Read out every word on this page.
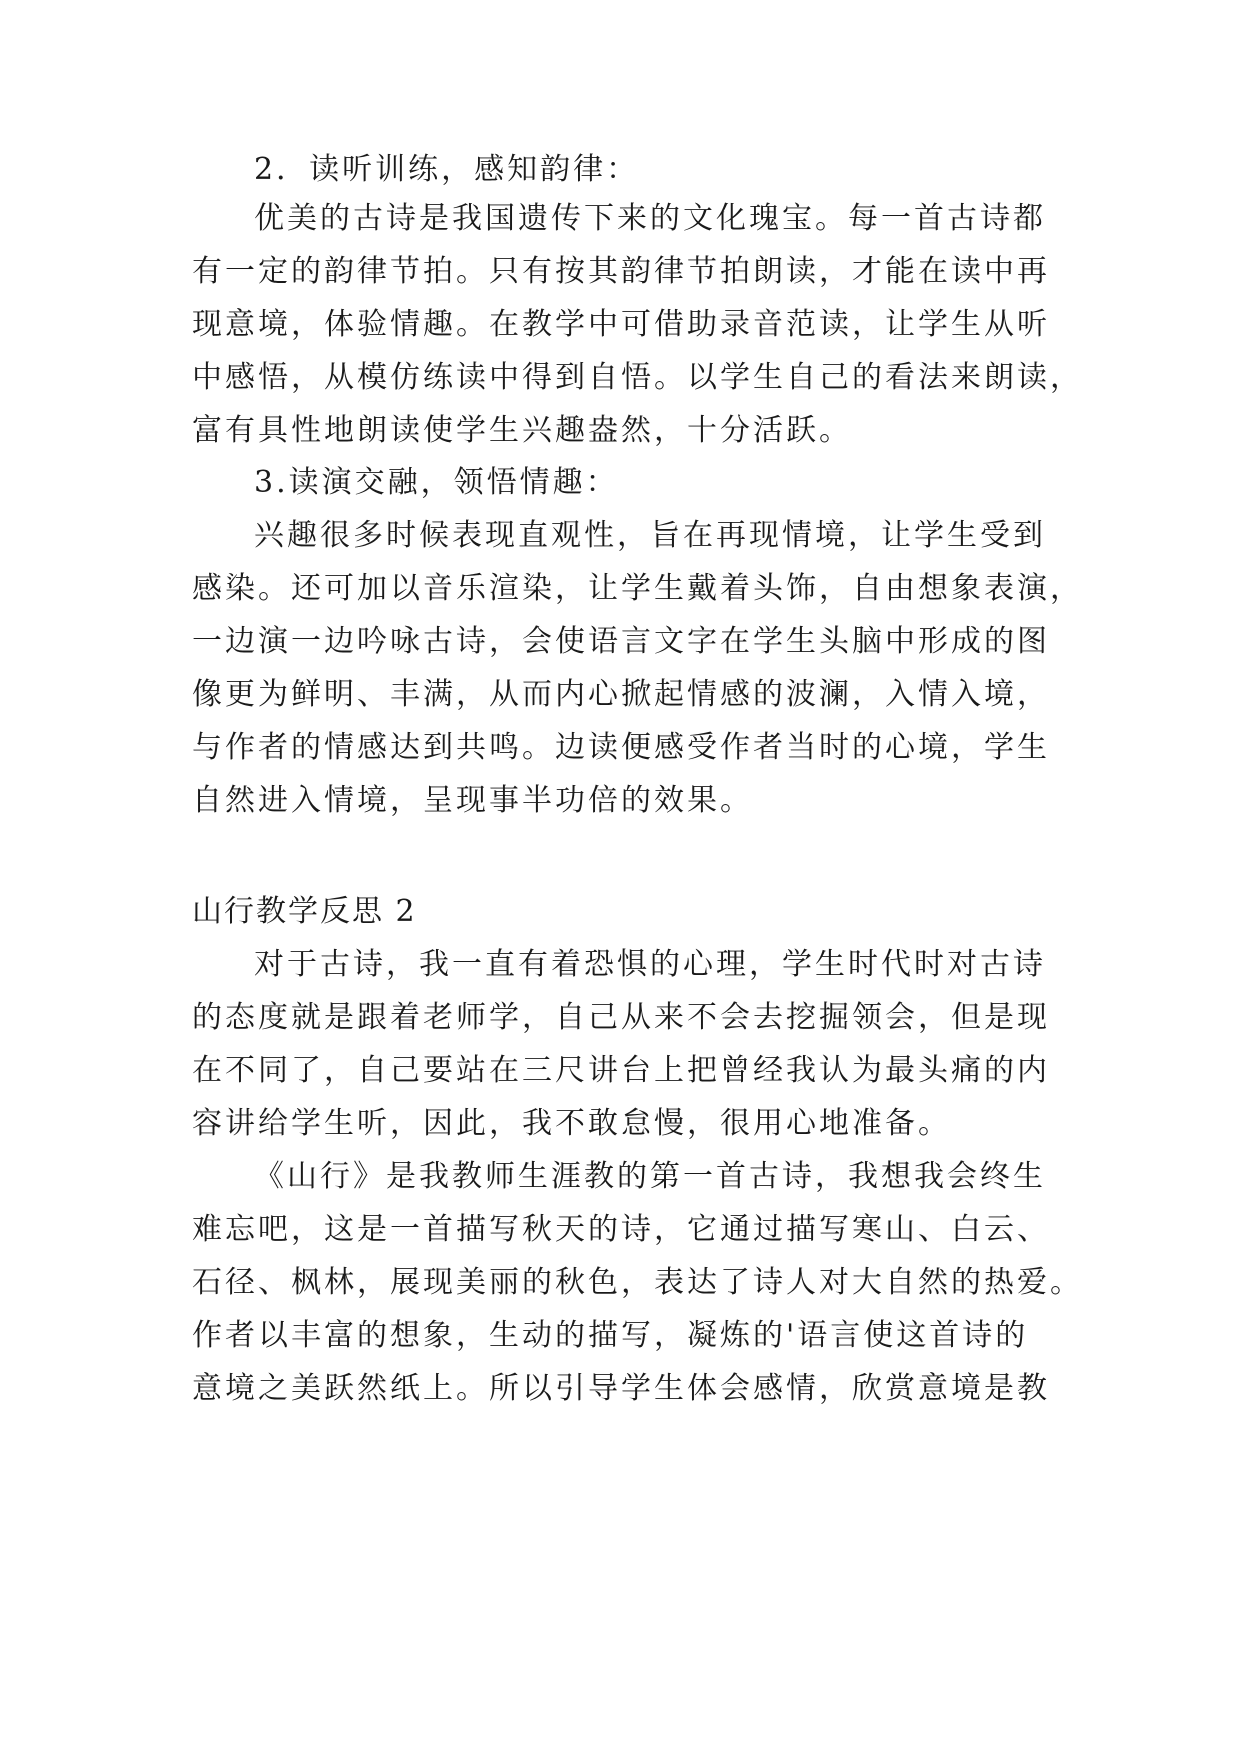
2．读听训练，感知韵律：
优美的古诗是我国遗传下来的文化瑰宝。每一首古诗都
有一定的韵律节拍。只有按其韵律节拍朗读，才能在读中再
现意境，体验情趣。在教学中可借助录音范读，让学生从听
中感悟，从模仿练读中得到自悟。以学生自己的看法来朗读，
富有具性地朗读使学生兴趣盎然，十分活跃。
3.读演交融，领悟情趣：
兴趣很多时候表现直观性，旨在再现情境，让学生受到
感染。还可加以音乐渲染，让学生戴着头饰，自由想象表演，
一边演一边吟咏古诗，会使语言文字在学生头脑中形成的图
像更为鲜明、丰满，从而内心掀起情感的波澜，入情入境，
与作者的情感达到共鸣。边读便感受作者当时的心境，学生
自然进入情境，呈现事半功倍的效果。
山行教学反思 2
对于古诗，我一直有着恐惧的心理，学生时代时对古诗
的态度就是跟着老师学，自己从来不会去挖掘领会，但是现
在不同了，自己要站在三尺讲台上把曾经我认为最头痛的内
容讲给学生听，因此，我不敢怠慢，很用心地准备。
《山行》是我教师生涯教的第一首古诗，我想我会终生
难忘吧，这是一首描写秋天的诗，它通过描写寒山、白云、
石径、枫林，展现美丽的秋色，表达了诗人对大自然的热爱。
作者以丰富的想象，生动的描写，凝炼的'语言使这首诗的
意境之美跃然纸上。所以引导学生体会感情，欣赏意境是教
